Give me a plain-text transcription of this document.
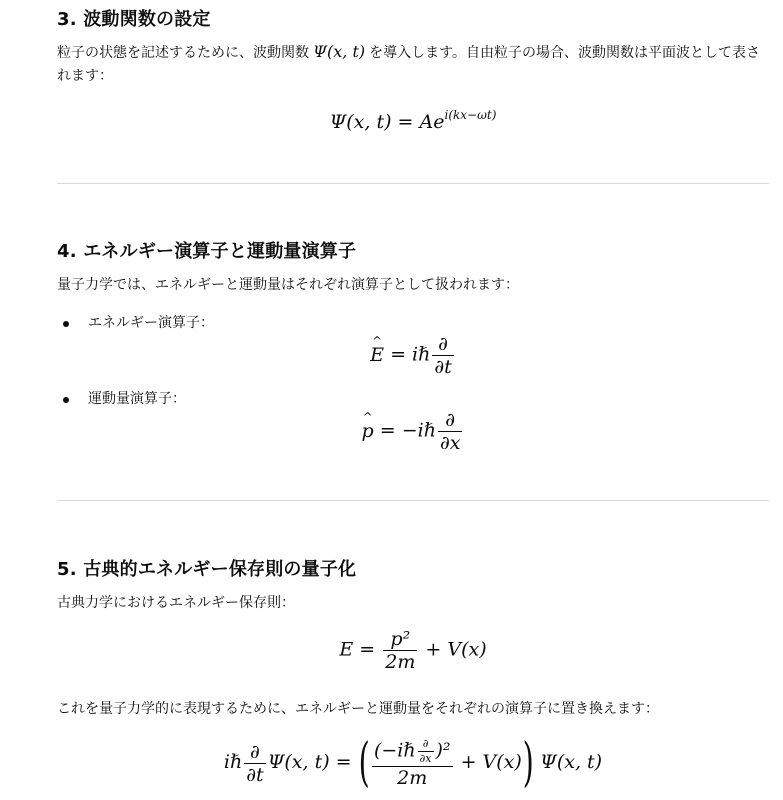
3. 波動関数の設定

粒子の状態を記述するために、波動関数 Ψ(x, t) を導入します。自由粒子の場合、波動関数は平面波として表されます：

Ψ(x, $t) = Ae^{i(kx-\omega t)}$
4. エネルギー演算子と運動量演算子

量子力学では、エネルギーと運動量はそれぞれ演算子として扱われます：

エネルギー演算子：

^ E = iℏ $\frac{\partial}{\partial t}$

運動量演算子：

^ p = −iℏ $\frac{\partial}{\partial x}$
5. 古典的エネルギー保存則の量子化

古典力学におけるエネルギー保存則：

$E = \frac{\text{p²}}{2m} + V(x)$

これを量子力学的に表現するために、エネルギーと運動量をそれぞれの演算子に置き換えます：

iℏ $\frac{\partial}{\partial t} \Psi(x$, t) = ( $\frac{(-i\hbar \frac{\partial}{\partial x} )^2}{2m} + V(x)$) Ψ(x, t)
